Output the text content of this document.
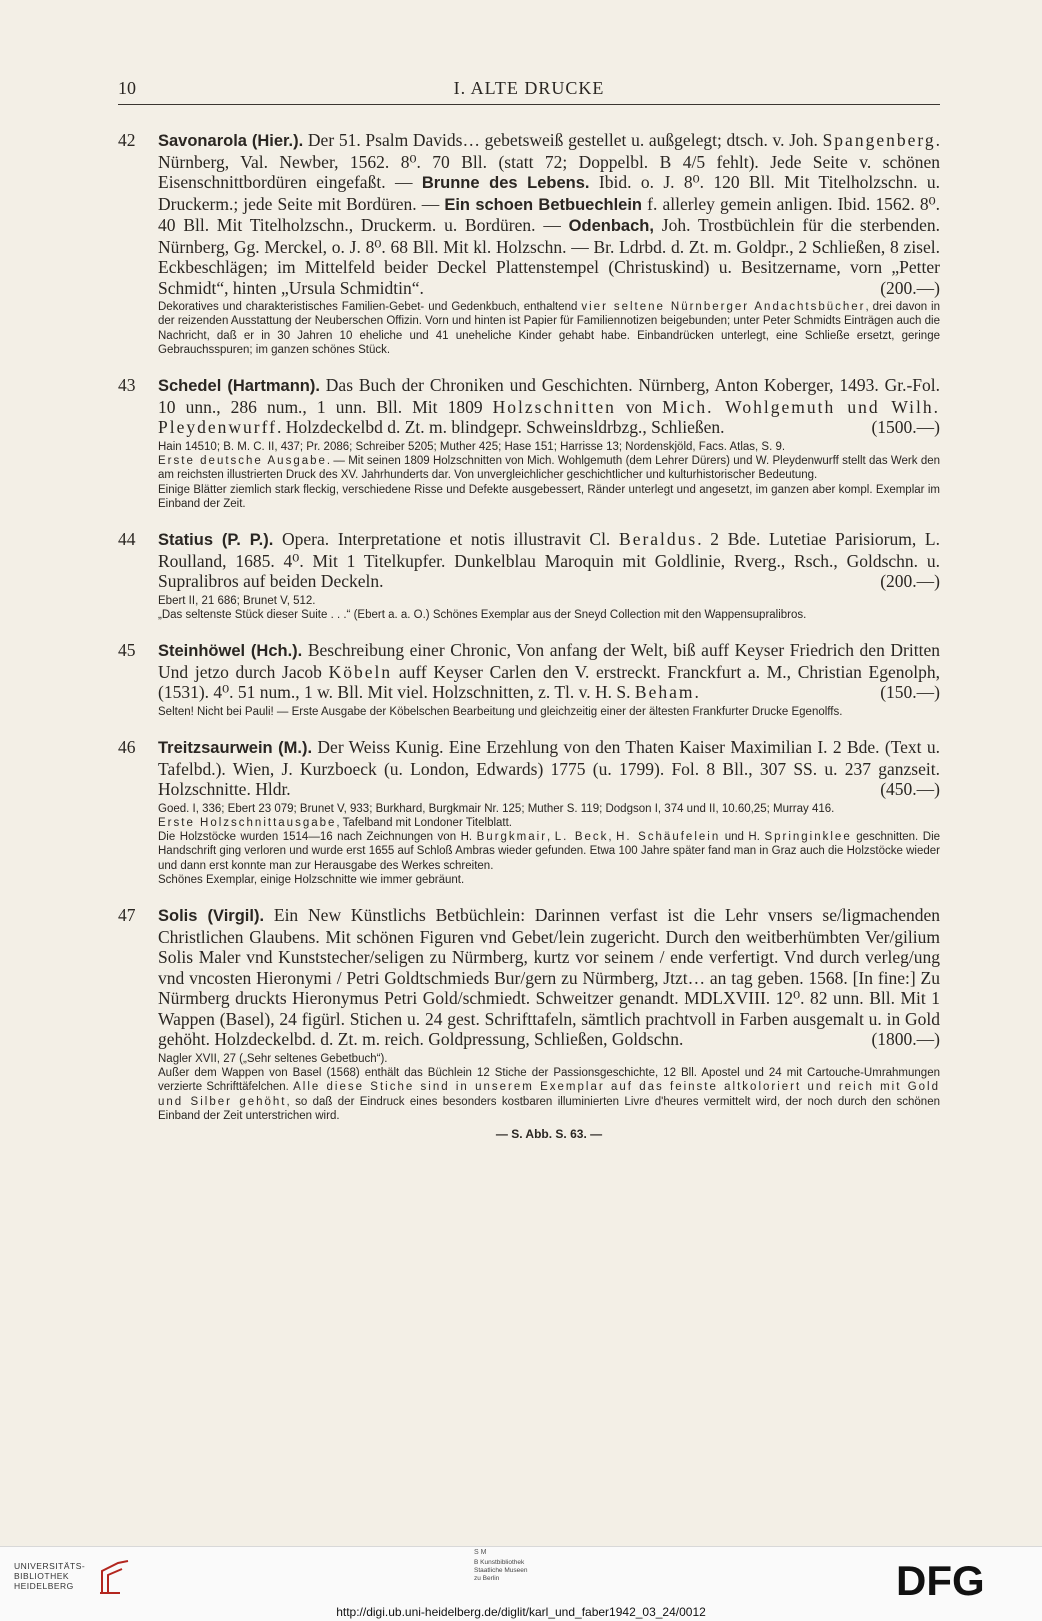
10	I. ALTE DRUCKE
42 Savonarola (Hier.). Der 51. Psalm Davids… gebetsweiß gestellet u. außgelegt; dtsch. v. Joh. Spangenberg. Nürnberg, Val. Newber, 1562. 8⁰. 70 Bll. (statt 72; Doppelbl. B 4/5 fehlt). Jede Seite v. schönen Eisenschnittbordüren eingefaßt. — Brunne des Lebens. Ibid. o. J. 8⁰. 120 Bll. Mit Titelholzschn. u. Druckerm.; jede Seite mit Bordüren. — Ein schoen Betbuechlein f. allerley gemein anligen. Ibid. 1562. 8⁰. 40 Bll. Mit Titelholzschn., Druckerm. u. Bordüren. — Odenbach, Joh. Trostbüchlein für die sterbenden. Nürnberg, Gg. Merckel, o. J. 8⁰. 68 Bll. Mit kl. Holzschn. — Br. Ldrbd. d. Zt. m. Goldpr., 2 Schließen, 8 zisel. Eckbeschlägen; im Mittelfeld beider Deckel Plattenstempel (Christuskind) u. Besitzername, vorn „Petter Schmidt“, hinten „Ursula Schmidtin“.	(200.—)

Dekoratives und charakteristisches Familien-Gebet- und Gedenkbuch, enthaltend vier seltene Nürnberger Andachtsbücher, drei davon in der reizenden Ausstattung der Neuberschen Offizin. Vorn und hinten ist Papier für Familiennotizen beigebunden; unter Peter Schmidts Einträgen auch die Nachricht, daß er in 30 Jahren 10 eheliche und 41 uneheliche Kinder gehabt habe. Einbandrücken unterlegt, eine Schließe ersetzt, geringe Gebrauchsspuren; im ganzen schönes Stück.

43 Schedel (Hartmann). Das Buch der Chroniken und Geschichten. Nürnberg, Anton Koberger, 1493. Gr.-Fol. 10 unn., 286 num., 1 unn. Bll. Mit 1809 Holzschnitten von Mich. Wohlgemuth und Wilh. Pleydenwurff. Holzdeckelbd d. Zt. m. blindgepr. Schweinsldrbzg., Schließen.	(1500.—)

Hain 14510; B. M. C. II, 437; Pr. 2086; Schreiber 5205; Muther 425; Hase 151; Harrisse 13; Nordenskjöld, Facs. Atlas, S. 9.

Erste deutsche Ausgabe. — Mit seinen 1809 Holzschnitten von Mich. Wohlgemuth (dem Lehrer Dürers) und W. Pleydenwurff stellt das Werk den am reichsten illustrierten Druck des XV. Jahrhunderts dar. Von unvergleichlicher geschichtlicher und kulturhistorischer Bedeutung.

Einige Blätter ziemlich stark fleckig, verschiedene Risse und Defekte ausgebessert, Ränder unterlegt und angesetzt, im ganzen aber kompl. Exemplar im Einband der Zeit.

44 Statius (P. P.). Opera. Interpretatione et notis illustravit Cl. Beraldus. 2 Bde. Lutetiae Parisiorum, L. Roulland, 1685. 4⁰. Mit 1 Titelkupfer. Dunkelblau Maroquin mit Goldlinie, Rverg., Rsch., Goldschn. u. Supralibros auf beiden Deckeln.	(200.—)

Ebert II, 21 686; Brunet V, 512.

„Das seltenste Stück dieser Suite . . .“ (Ebert a. a. O.) Schönes Exemplar aus der Sneyd Collection mit den Wappensupralibros.

45 Steinhöwel (Hch.). Beschreibung einer Chronic, Von anfang der Welt, biß auff Keyser Friedrich den Dritten Und jetzo durch Jacob Köbeln auff Keyser Carlen den V. erstreckt. Franckfurt a. M., Christian Egenolph, (1531). 4⁰. 51 num., 1 w. Bll. Mit viel. Holzschnitten, z. Tl. v. H. S. Beham.	(150.—)

Selten! Nicht bei Pauli! — Erste Ausgabe der Köbelschen Bearbeitung und gleichzeitig einer der ältesten Frankfurter Drucke Egenolffs.

46 Treitzsaurwein (M.). Der Weiss Kunig. Eine Erzehlung von den Thaten Kaiser Maximilian I. 2 Bde. (Text u. Tafelbd.). Wien, J. Kurzboeck (u. London, Edwards) 1775 (u. 1799). Fol. 8 Bll., 307 SS. u. 237 ganzseit. Holzschnitte. Hldr.	(450.—)

Goed. I, 336; Ebert 23 079; Brunet V, 933; Burkhard, Burgkmair Nr. 125; Muther S. 119; Dodgson I, 374 und II, 10.60,25; Murray 416.

Erste Holzschnittausgabe, Tafelband mit Londoner Titelblatt.

Die Holzstöcke wurden 1514—16 nach Zeichnungen von H. Burgkmair, L. Beck, H. Schäufelein und H. Springinklee geschnitten. Die Handschrift ging verloren und wurde erst 1655 auf Schloß Ambras wieder gefunden. Etwa 100 Jahre später fand man in Graz auch die Holzstöcke wieder und dann erst konnte man zur Herausgabe des Werkes schreiten.

Schönes Exemplar, einige Holzschnitte wie immer gebräunt.

47 Solis (Virgil). Ein New Künstlichs Betbüchlein: Darinnen verfast ist die Lehr vnsers se/ligmachenden Christlichen Glaubens. Mit schönen Figuren vnd Gebet/lein zugericht. Durch den weitberhümbten Ver/gilium Solis Maler vnd Kunststecher/seligen zu Nürmberg, kurtz vor seinem / ende verfertigt. Vnd durch verleg/ung vnd vncosten Hieronymi / Petri Goldtschmieds Bur/gern zu Nürmberg, Jtzt… an tag geben. 1568. [In fine:] Zu Nürmberg druckts Hieronymus Petri Gold/schmiedt. Schweitzer genandt. MDLXVIII. 12⁰. 82 unn. Bll. Mit 1 Wappen (Basel), 24 figürl. Stichen u. 24 gest. Schrifttafeln, sämtlich prachtvoll in Farben ausgemalt u. in Gold gehöht. Holzdeckelbd. d. Zt. m. reich. Goldpressung, Schließen, Goldschn.	(1800.—)

Nagler XVII, 27 („Sehr seltenes Gebetbuch“).

Außer dem Wappen von Basel (1568) enthält das Büchlein 12 Stiche der Passionsgeschichte, 12 Bll. Apostel und 24 mit Cartouche-Umrahmungen verzierte Schrifttäfelchen. Alle diese Stiche sind in unserem Exemplar auf das feinste altkoloriert und reich mit Gold und Silber gehöht, so daß der Eindruck eines besonders kostbaren illuminierten Livre d'heures vermittelt wird, der noch durch den schönen Einband der Zeit unterstrichen wird.

— S. Abb. S. 63. —

UNIVERSITÄTS-
BIBLIOTHEK
HEIDELBERG
S M
B Kunstbibliothek
Staatliche Museen
zu Berlin	DFG
http://digi.ub.uni-heidelberg.de/diglit/karl_und_faber1942_03_24/0012
